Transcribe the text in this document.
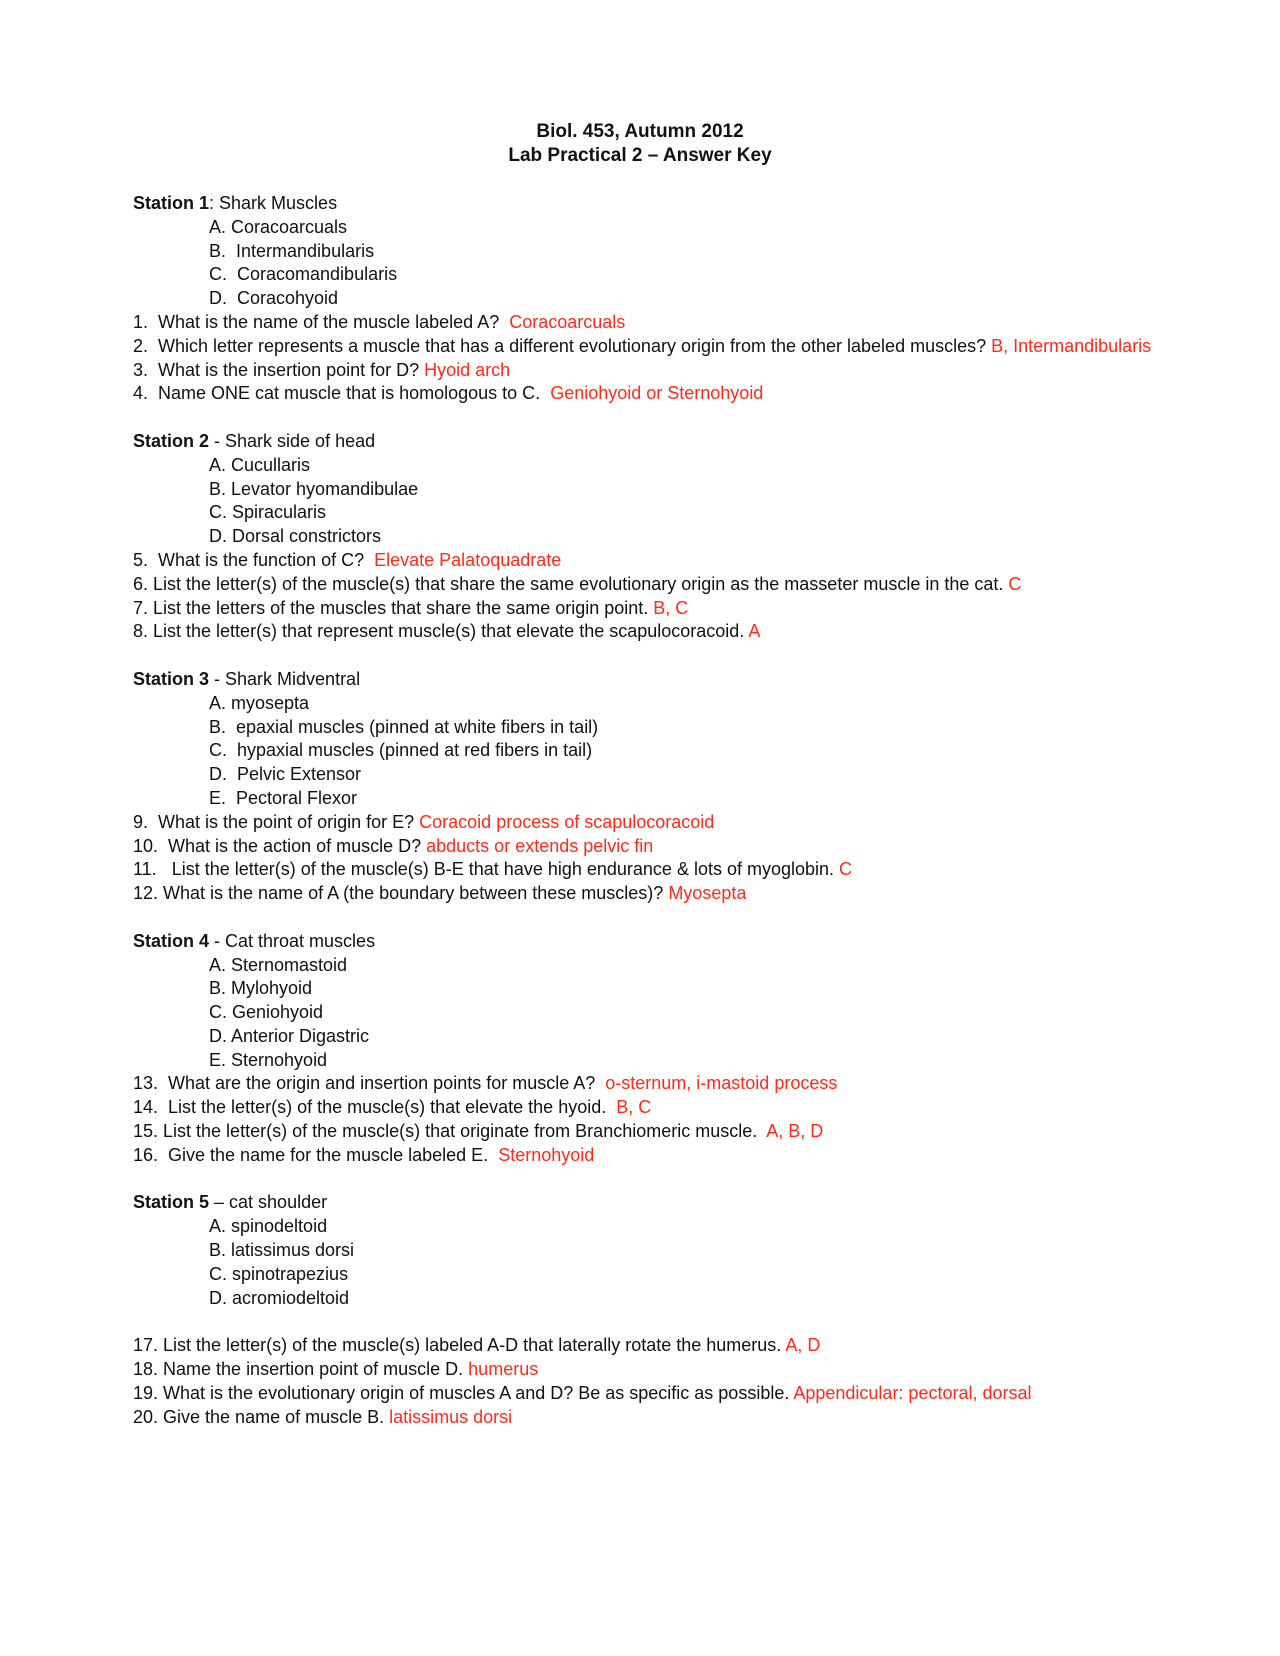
Biol. 453, Autumn 2012
Lab Practical 2 – Answer Key
Station 1: Shark Muscles
A. Coracoarcuals
B.  Intermandibularis
C.  Coracomandibularis
D.  Coracohyoid
1.  What is the name of the muscle labeled A?  Coracoarcuals
2.  Which letter represents a muscle that has a different evolutionary origin from the other labeled muscles? B, Intermandibularis
3.  What is the insertion point for D? Hyoid arch
4.  Name ONE cat muscle that is homologous to C.  Geniohyoid or Sternohyoid
Station 2 - Shark side of head
A. Cucullaris
B. Levator hyomandibulae
C. Spiracularis
D. Dorsal constrictors
5.  What is the function of C?  Elevate Palatoquadrate
6. List the letter(s) of the muscle(s) that share the same evolutionary origin as the masseter muscle in the cat. C
7. List the letters of the muscles that share the same origin point. B, C
8. List the letter(s) that represent muscle(s) that elevate the scapulocoracoid. A
Station 3 - Shark Midventral
A. myosepta
B.  epaxial muscles (pinned at white fibers in tail)
C.  hypaxial muscles (pinned at red fibers in tail)
D.  Pelvic Extensor
E.  Pectoral Flexor
9.  What is the point of origin for E? Coracoid process of scapulocoracoid
10.  What is the action of muscle D? abducts or extends pelvic fin
11.   List the letter(s) of the muscle(s) B-E that have high endurance & lots of myoglobin. C
12. What is the name of A (the boundary between these muscles)? Myosepta
Station 4 - Cat throat muscles
A. Sternomastoid
B. Mylohyoid
C. Geniohyoid
D. Anterior Digastric
E. Sternohyoid
13.  What are the origin and insertion points for muscle A?  o-sternum, i-mastoid process
14.  List the letter(s) of the muscle(s) that elevate the hyoid.  B, C
15. List the letter(s) of the muscle(s) that originate from Branchiomeric muscle.  A, B, D
16.  Give the name for the muscle labeled E.  Sternohyoid
Station 5 – cat shoulder
A. spinodeltoid
B. latissimus dorsi
C. spinotrapezius
D. acromiodeltoid
17. List the letter(s) of the muscle(s) labeled A-D that laterally rotate the humerus. A, D
18. Name the insertion point of muscle D. humerus
19. What is the evolutionary origin of muscles A and D? Be as specific as possible. Appendicular: pectoral, dorsal
20. Give the name of muscle B. latissimus dorsi
